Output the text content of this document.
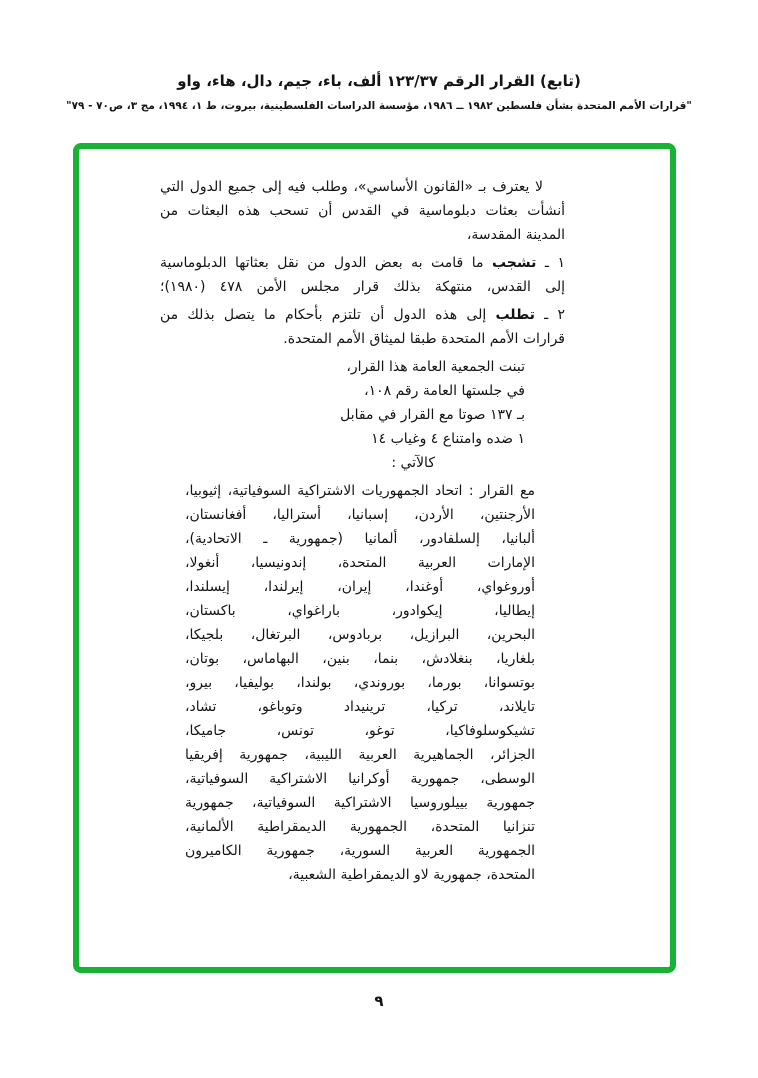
(تابع) القرار الرقم ١٢٣/٣٧ ألف، باء، جيم، دال، هاء، واو
"قرارات الأمم المتحدة بشأن فلسطين ١٩٨٢ ــ ١٩٨٦، مؤسسة الدراسات الفلسطينية، بيروت، ط ١، ١٩٩٤، مج ٣، ص٧٠ - ٧٩"
لا يعترف بـ «القانون الأساسي»، وطلب فيه إلى جميع الدول التي
أنشأت بعثات دبلوماسية في القدس أن تسحب هذه البعثات من
المدينة المقدسة،
١ ـ تشجب ما قامت به بعض الدول من نقل بعثاتها الدبلوماسية
إلى القدس، منتهكة بذلك قرار مجلس الأمن ٤٧٨ (١٩٨٠)؛
٢ ـ تطلب إلى هذه الدول أن تلتزم بأحكام ما يتصل بذلك من
قرارات الأمم المتحدة طبقا لميثاق الأمم المتحدة.
تبنت الجمعية العامة هذا القرار،
في جلستها العامة رقم ١٠٨،
بـ ١٣٧ صوتا مع القرار في مقابل
١ ضده وامتناع ٤ وغياب ١٤
كالآتي :
مع القرار : اتحاد الجمهوريات الاشتراكية السوفياتية، إثيوبيا،
الأرجنتين، الأردن، إسبانيا، أستراليا، أفغانستان،
ألبانيا، إلسلفادور، ألمانيا (جمهورية ـ الاتحادية)،
الإمارات العربية المتحدة، إندونيسيا، أنغولا،
أوروغواي، أوغندا، إيران، إيرلندا، إيسلندا،
إيطاليا، إيكوادور، باراغواي، باكستان،
البحرين، البرازيل، بربادوس، البرتغال، بلجيكا،
بلغاريا، بنغلادش، بنما، بنين، البهاماس، بوتان،
بوتسوانا، بورما، بوروندي، بولندا، بوليفيا، بيرو،
تايلاند، تركيا، ترينيداد وتوباغو، تشاد،
تشيكوسلوفاكيا، توغو، تونس، جاميكا،
الجزائر، الجماهيرية العربية الليبية، جمهورية إفريقيا
الوسطى، جمهورية أوكرانيا الاشتراكية السوفياتية،
جمهورية بييلوروسيا الاشتراكية السوفياتية، جمهورية
تنزانيا المتحدة، الجمهورية الديمقراطية الألمانية،
الجمهورية العربية السورية، جمهورية الكاميرون
المتحدة، جمهورية لاو الديمقراطية الشعبية،
٩
